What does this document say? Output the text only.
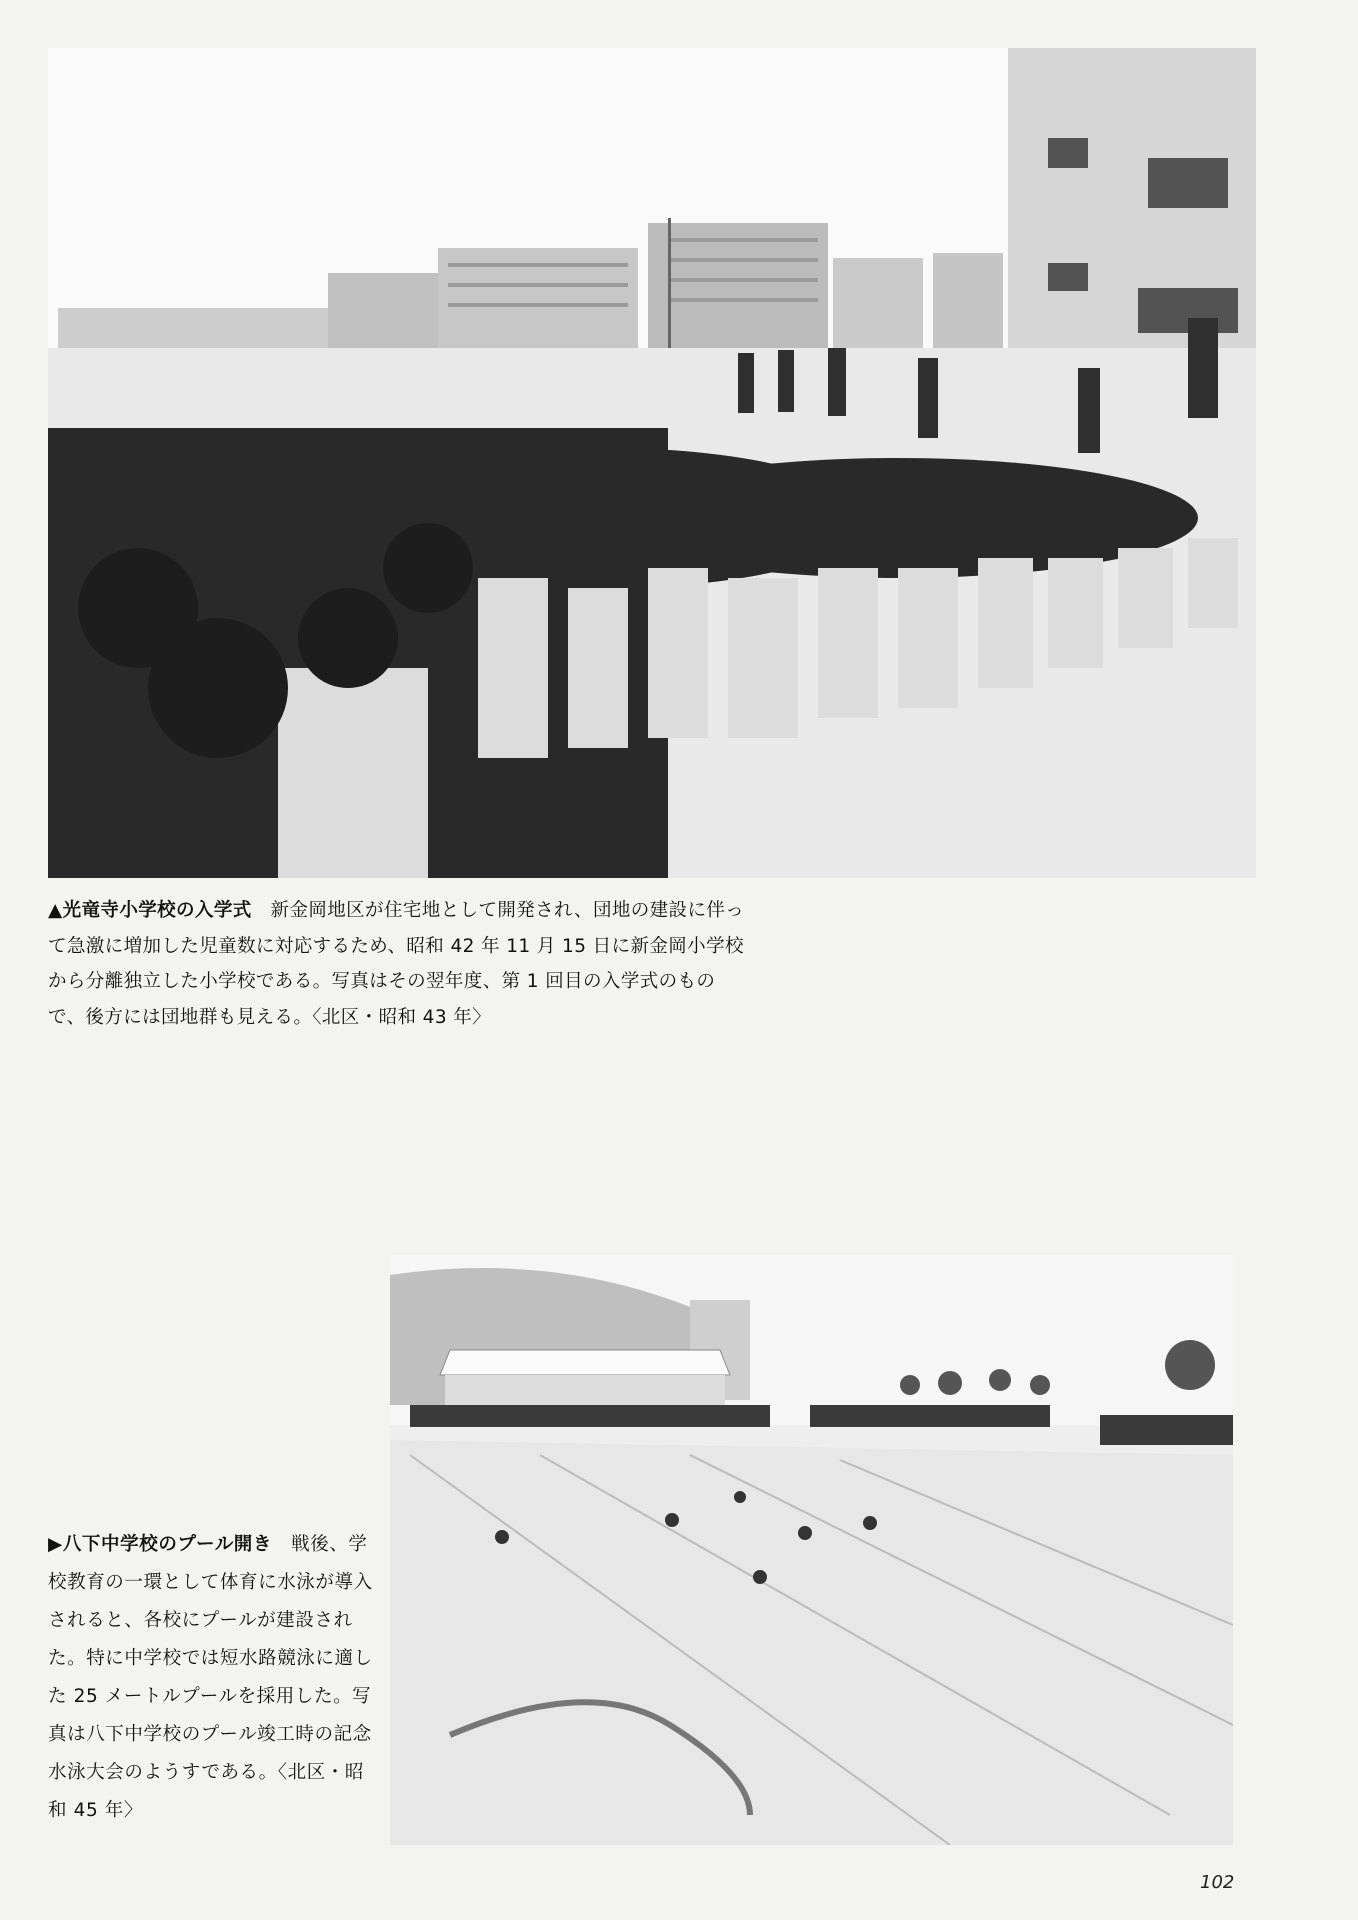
▲光竜寺小学校の入学式　 新金岡地区が住宅地として開発され、団地の建設に伴って急激に増加した児童数に対応するため、昭和 42 年 11 月 15 日に新金岡小学校から分離独立した小学校である。写真はその翌年度、第 1 回目の入学式のもので、後方には団地群も見える。〈北区・昭和 43 年〉

▶八下中学校のプール開き　 戦後、学校教育の一環として体育に水泳が導入されると、各校にプールが建設された。特に中学校では短水路競泳に適した 25 メートルプールを採用した。写真は八下中学校のプール竣工時の記念水泳大会のようすである。〈北区・昭和 45 年〉

102
